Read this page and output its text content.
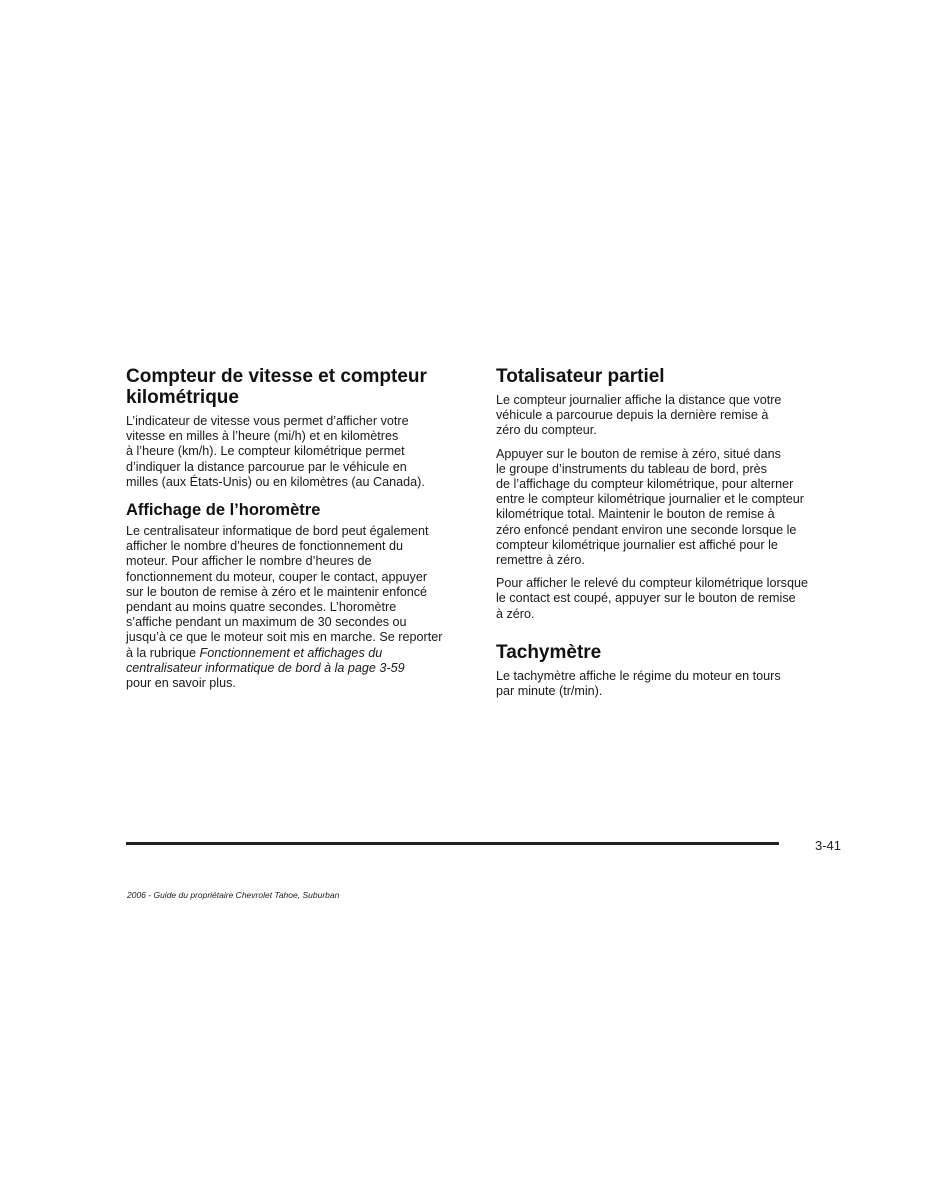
Compteur de vitesse et compteur
kilométrique

L’indicateur de vitesse vous permet d’afficher votre
vitesse en milles à l’heure (mi/h) et en kilomètres
à l’heure (km/h). Le compteur kilométrique permet
d’indiquer la distance parcourue par le véhicule en
milles (aux États-Unis) ou en kilomètres (au Canada).

Affichage de l’horomètre

Le centralisateur informatique de bord peut également
afficher le nombre d’heures de fonctionnement du
moteur. Pour afficher le nombre d’heures de
fonctionnement du moteur, couper le contact, appuyer
sur le bouton de remise à zéro et le maintenir enfoncé
pendant au moins quatre secondes. L’horomètre
s’affiche pendant un maximum de 30 secondes ou
jusqu’à ce que le moteur soit mis en marche. Se reporter
à la rubrique Fonctionnement et affichages du
centralisateur informatique de bord à la page 3-59
pour en savoir plus.

Totalisateur partiel

Le compteur journalier affiche la distance que votre
véhicule a parcourue depuis la dernière remise à
zéro du compteur.

Appuyer sur le bouton de remise à zéro, situé dans
le groupe d’instruments du tableau de bord, près
de l’affichage du compteur kilométrique, pour alterner
entre le compteur kilométrique journalier et le compteur
kilométrique total. Maintenir le bouton de remise à
zéro enfoncé pendant environ une seconde lorsque le
compteur kilométrique journalier est affiché pour le
remettre à zéro.

Pour afficher le relevé du compteur kilométrique lorsque
le contact est coupé, appuyer sur le bouton de remise
à zéro.

Tachymètre

Le tachymètre affiche le régime du moteur en tours
par minute (tr/min).

3-41
2006 - Guide du propriétaire Chevrolet Tahoe, Suburban
